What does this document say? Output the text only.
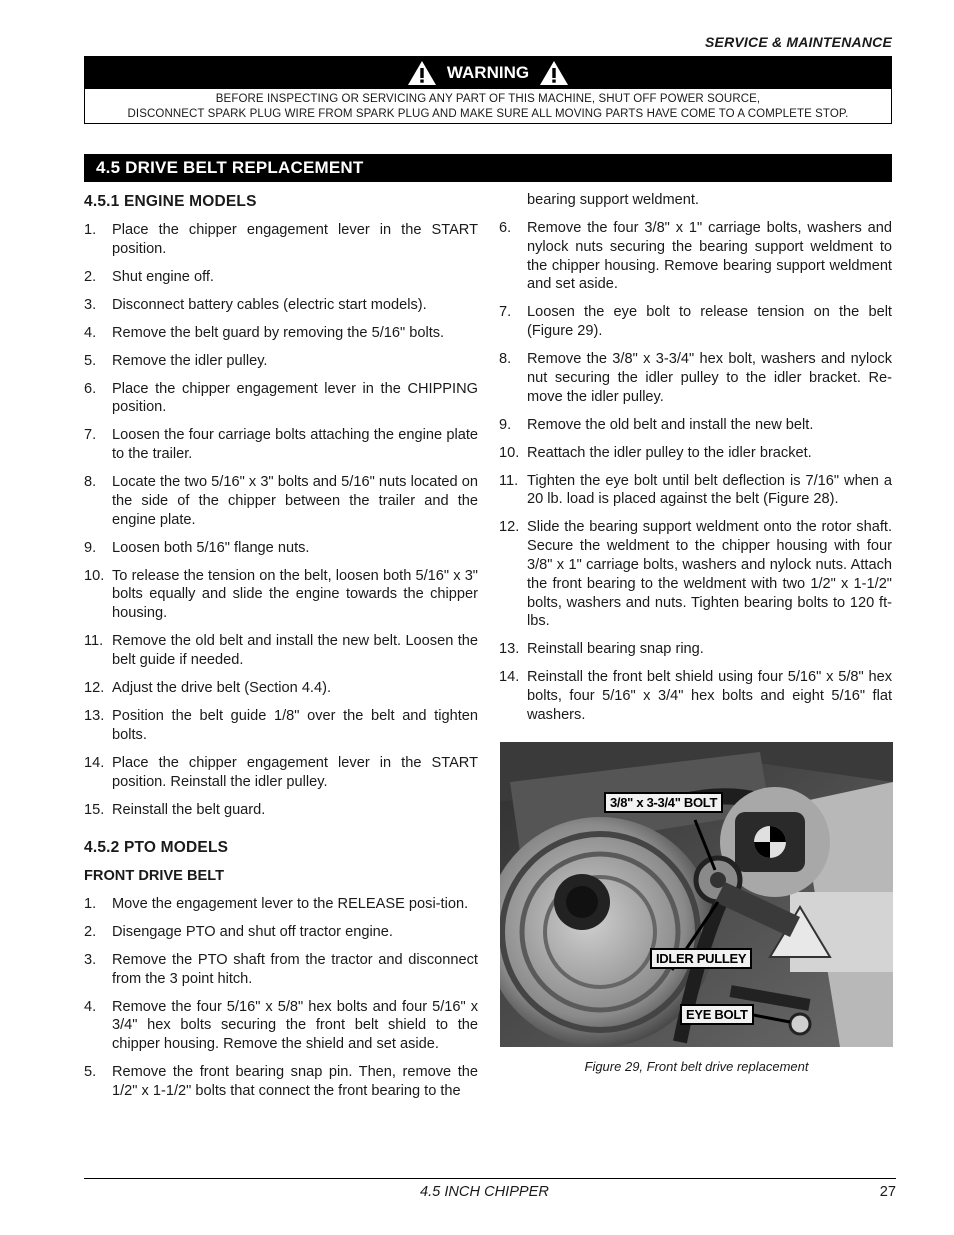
SERVICE & MAINTENANCE
WARNING
BEFORE INSPECTING OR SERVICING ANY PART OF THIS MACHINE, SHUT OFF POWER SOURCE,
DISCONNECT SPARK PLUG WIRE FROM SPARK PLUG AND MAKE SURE ALL MOVING PARTS HAVE COME TO A COMPLETE STOP.
4.5 DRIVE BELT REPLACEMENT
4.5.1 ENGINE MODELS
1.	Place the chipper engagement lever in the START position.
2.	Shut engine off.
3.	Disconnect battery cables (electric start models).
4.	Remove the belt guard by removing the 5/16" bolts.
5.	Remove the idler pulley.
6.	Place the chipper engagement lever in the CHIPPING position.
7.	Loosen the four carriage bolts attaching the engine plate to the trailer.
8.	Locate the two 5/16" x 3" bolts and 5/16" nuts located on the side of the chipper between the trailer and the engine plate.
9.	Loosen both 5/16" flange nuts.
10. To release the tension on the belt, loosen both 5/16" x 3" bolts equally and slide the engine towards the chipper housing.
11. Remove the old belt and install the new belt. Loosen the belt guide if needed.
12. Adjust the drive belt (Section 4.4).
13. Position the belt guide 1/8" over the belt and tighten bolts.
14. Place the chipper engagement lever in the START position. Reinstall the idler pulley.
15. Reinstall the belt guard.
4.5.2 PTO MODELS
FRONT DRIVE BELT
1.	Move the engagement lever to the RELEASE posi-tion.
2.	Disengage PTO and shut off tractor engine.
3.	Remove the PTO shaft from the tractor and disconnect from the 3 point hitch.
4.	Remove the four 5/16" x 5/8" hex bolts and four 5/16" x 3/4" hex bolts securing the front belt shield to the chipper housing. Remove the shield and set aside.
5.	Remove the front bearing snap pin. Then, remove the 1/2" x 1-1/2" bolts that connect the front bearing to the
bearing support weldment.
6.	Remove the four 3/8" x 1" carriage bolts, washers and nylock nuts securing the bearing support weldment to the chipper housing. Remove bearing support weldment and set aside.
7.	Loosen the eye bolt to release tension on the belt (Figure 29).
8.	Remove the 3/8" x 3-3/4" hex bolt, washers and nylock nut securing the idler pulley to the idler bracket. Re-move the idler pulley.
9.	Remove the old belt and install the new belt.
10. Reattach the idler pulley to the idler bracket.
11. Tighten the eye bolt until belt deflection is 7/16" when a 20 lb. load is placed against the belt (Figure 28).
12. Slide the bearing support weldment onto the rotor shaft. Secure the weldment to the chipper housing with four 3/8" x 1" carriage bolts, washers and nylock nuts. Attach the front bearing to the weldment with two 1/2" x 1-1/2" bolts, washers and nuts. Tighten bearing bolts to 120 ft-lbs.
13. Reinstall bearing snap ring.
14. Reinstall the front belt shield using four 5/16" x 5/8" hex bolts, four 5/16" x 3/4" hex bolts and eight 5/16" flat washers.
3/8" x 3-3/4" BOLT
IDLER PULLEY
EYE BOLT
Figure 29, Front belt drive replacement
4.5 INCH CHIPPER	27
